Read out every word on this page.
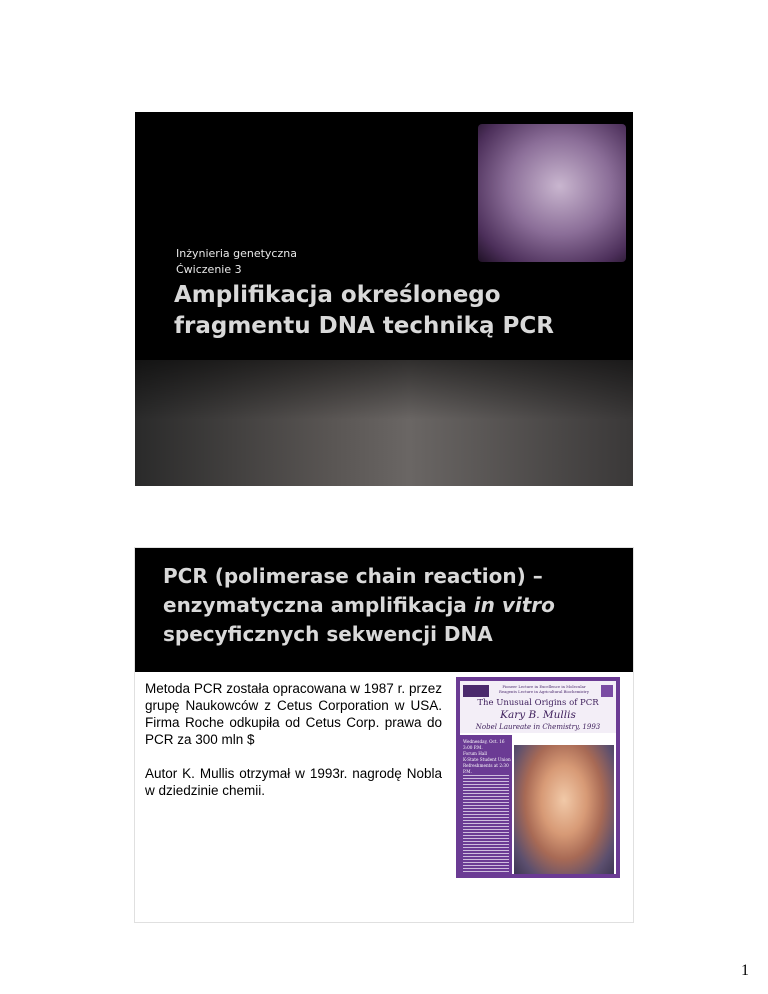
Inżynieria genetyczna
Ćwiczenie 3
Amplifikacja określonego
fragmentu DNA techniką PCR
PCR (polimerase chain reaction) –
enzymatyczna amplifikacja in vitro
specyficznych sekwencji DNA

Metoda PCR została opracowana w 1987 r. przez grupę Naukowców z Cetus Corporation w USA. Firma Roche odkupiła od Cetus Corp. prawa do PCR za 300 mln $

Autor K. Mullis otrzymał w 1993r. nagrodę Nobla w dziedzinie chemii.

Pioneer Lecture in Excellence in Molecular
Reagents Lecture in Agricultural Biochemistry
The Unusual Origins of PCR
Kary B. Mullis
Nobel Laureate in Chemistry, 1993
Wednesday, Oct. 16
3:00 P.M.
Forum Hall
K-State Student Union
Refreshments at 2:30 P.M.
1
